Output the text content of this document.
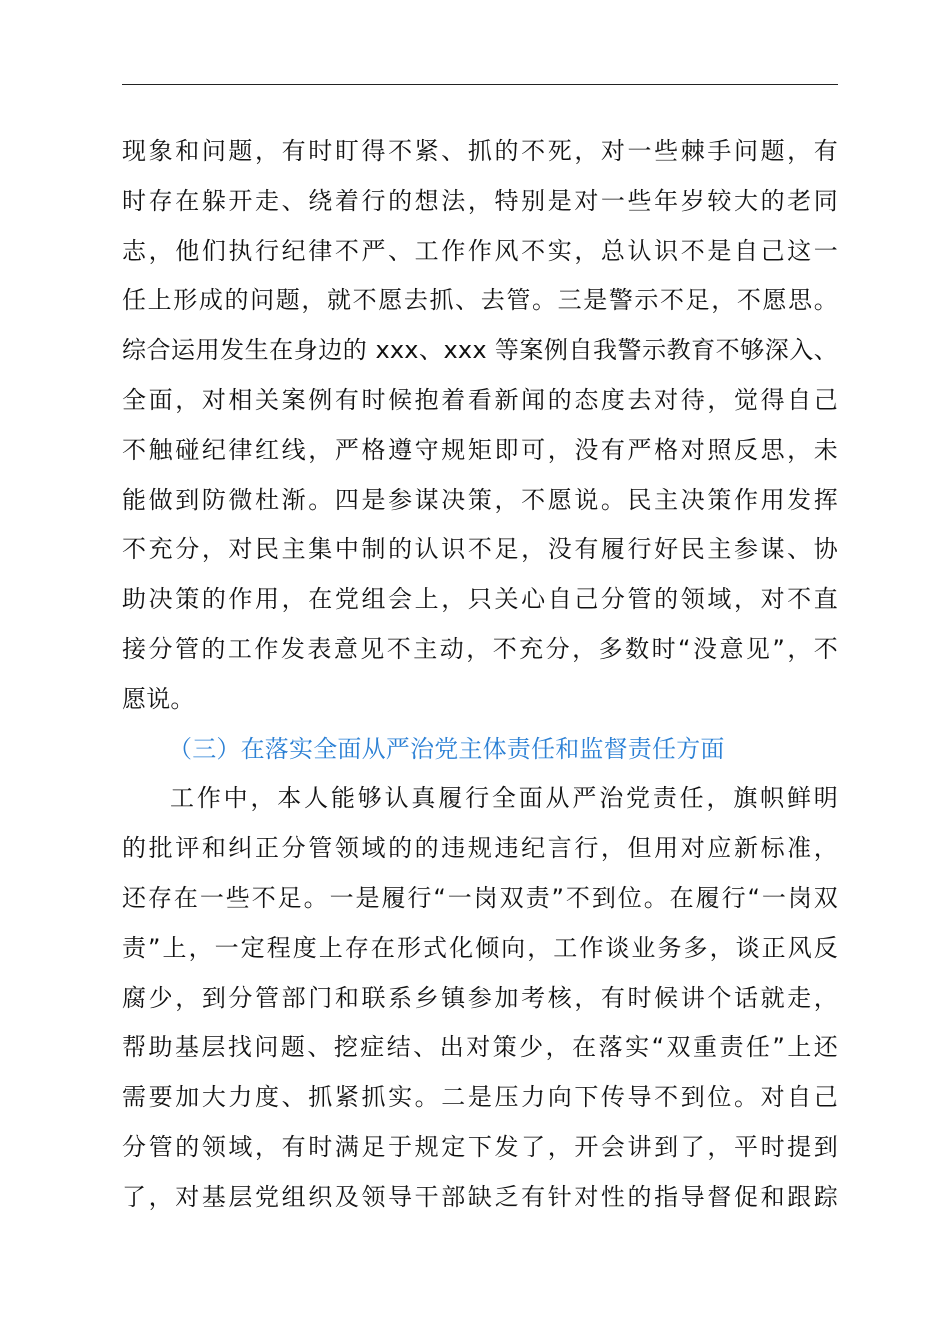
现象和问题，有时盯得不紧、抓的不死，对一些棘手问题，有
时存在躲开走、绕着行的想法，特别是对一些年岁较大的老同
志，他们执行纪律不严、工作作风不实，总认识不是自己这一
任上形成的问题，就不愿去抓、去管。三是警示不足，不愿思。
综合运用发生在身边的 xxx、xxx 等案例自我警示教育不够深入、
全面，对相关案例有时候抱着看新闻的态度去对待，觉得自己
不触碰纪律红线，严格遵守规矩即可，没有严格对照反思，未
能做到防微杜渐。四是参谋决策，不愿说。民主决策作用发挥
不充分，对民主集中制的认识不足，没有履行好民主参谋、协
助决策的作用，在党组会上，只关心自己分管的领域，对不直
接分管的工作发表意见不主动，不充分，多数时“没意见”，不
愿说。
（三）在落实全面从严治党主体责任和监督责任方面
工作中，本人能够认真履行全面从严治党责任，旗帜鲜明
的批评和纠正分管领域的的违规违纪言行，但用对应新标准，
还存在一些不足。一是履行“一岗双责”不到位。在履行“一岗双
责”上，一定程度上存在形式化倾向，工作谈业务多，谈正风反
腐少，到分管部门和联系乡镇参加考核，有时候讲个话就走，
帮助基层找问题、挖症结、出对策少，在落实“双重责任”上还
需要加大力度、抓紧抓实。二是压力向下传导不到位。对自己
分管的领域，有时满足于规定下发了，开会讲到了，平时提到
了，对基层党组织及领导干部缺乏有针对性的指导督促和跟踪
